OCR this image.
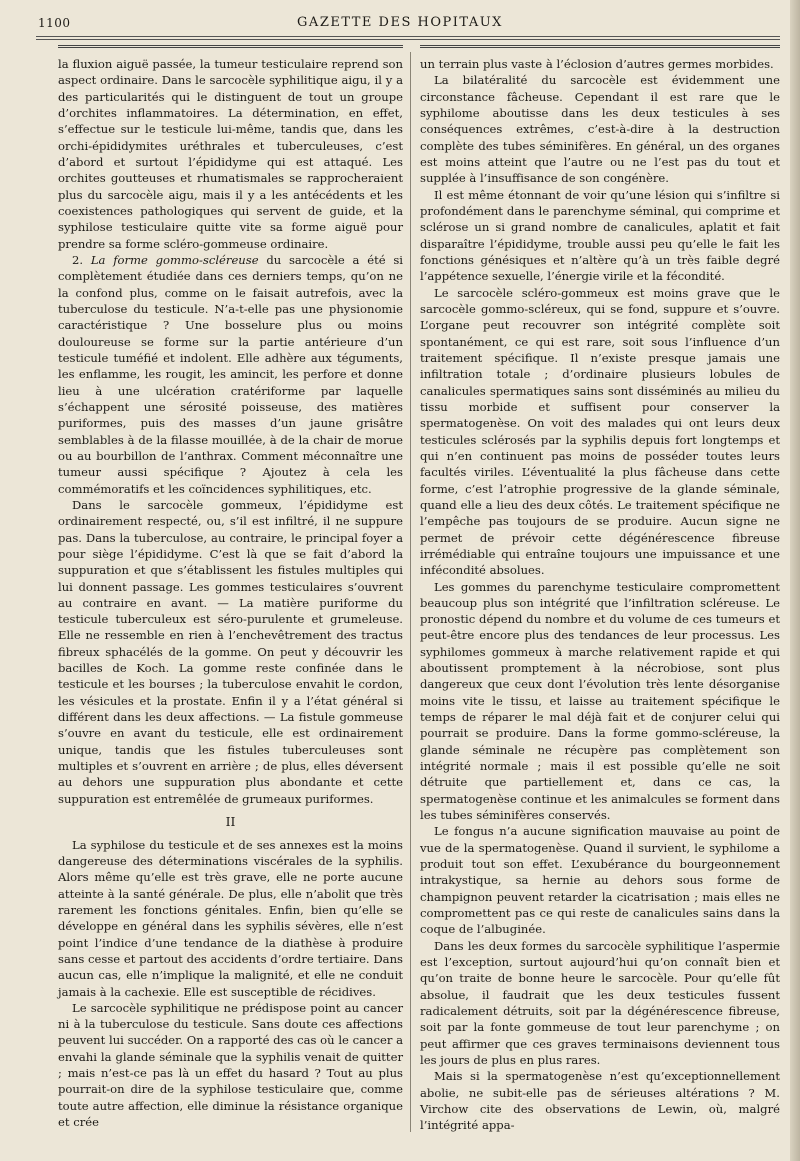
1100	GAZETTE DES HOPITAUX

la fluxion aiguë passée, la tumeur testiculaire reprend son aspect ordinaire. Dans le sarcocèle syphilitique aigu, il y a des particularités qui le distinguent de tout un groupe d’orchites inflammatoires. La détermination, en effet, s’effectue sur le testicule lui-même, tandis que, dans les orchi-épididymites uréthrales et tuberculeuses, c’est d’abord et surtout l’épididyme qui est attaqué. Les orchites goutteuses et rhumatismales se rapprocheraient plus du sarcocèle aigu, mais il y a les antécédents et les coexistences pathologiques qui servent de guide, et la syphilose testiculaire quitte vite sa forme aiguë pour prendre sa forme scléro-gommeuse ordinaire.

2. La forme gommo-scléreuse du sarcocèle a été si complètement étudiée dans ces derniers temps, qu’on ne la confond plus, comme on le faisait autrefois, avec la tuberculose du testicule. N’a-t-elle pas une physionomie caractéristique ? Une bosselure plus ou moins douloureuse se forme sur la partie antérieure d’un testicule tuméfié et indolent. Elle adhère aux téguments, les enflamme, les rougit, les amincit, les perfore et donne lieu à une ulcération cratériforme par laquelle s’échappent une sérosité poisseuse, des matières puriformes, puis des masses d’un jaune grisâtre semblables à de la filasse mouillée, à de la chair de morue ou au bourbillon de l’anthrax. Comment méconnaître une tumeur aussi spécifique ? Ajoutez à cela les commémoratifs et les coïncidences syphilitiques, etc.

Dans le sarcocèle gommeux, l’épididyme est ordinairement respecté, ou, s’il est infiltré, il ne suppure pas. Dans la tuberculose, au contraire, le principal foyer a pour siège l’épididyme. C’est là que se fait d’abord la suppuration et que s’établissent les fistules multiples qui lui donnent passage. Les gommes testiculaires s’ouvrent au contraire en avant. — La matière puriforme du testicule tuberculeux est séro-purulente et grumeleuse. Elle ne ressemble en rien à l’enchevêtrement des tractus fibreux sphacélés de la gomme. On peut y découvrir les bacilles de Koch. La gomme reste confinée dans le testicule et les bourses ; la tuberculose envahit le cordon, les vésicules et la prostate. Enfin il y a l’état général si différent dans les deux affections. — La fistule gommeuse s’ouvre en avant du testicule, elle est ordinairement unique, tandis que les fistules tuberculeuses sont multiples et s’ouvrent en arrière ; de plus, elles déversent au dehors une suppuration plus abondante et cette suppuration est entremêlée de grumeaux puriformes.

II

La syphilose du testicule et de ses annexes est la moins dangereuse des déterminations viscérales de la syphilis. Alors même qu’elle est très grave, elle ne porte aucune atteinte à la santé générale. De plus, elle n’abolit que très rarement les fonctions génitales. Enfin, bien qu’elle se développe en général dans les syphilis sévères, elle n’est point l’indice d’une tendance de la diathèse à produire sans cesse et partout des accidents d’ordre tertiaire. Dans aucun cas, elle n’implique la malignité, et elle ne conduit jamais à la cachexie. Elle est susceptible de récidives.

Le sarcocèle syphilitique ne prédispose point au cancer ni à la tuberculose du testicule. Sans doute ces affections peuvent lui succéder. On a rapporté des cas où le cancer a envahi la glande séminale que la syphilis venait de quitter ; mais n’est-ce pas là un effet du hasard ? Tout au plus pourrait-on dire de la syphilose testiculaire que, comme toute autre affection, elle diminue la résistance organique et crée

un terrain plus vaste à l’éclosion d’autres germes morbides.

La bilatéralité du sarcocèle est évidemment une circonstance fâcheuse. Cependant il est rare que le syphilome aboutisse dans les deux testicules à ses conséquences extrêmes, c’est-à-dire à la destruction complète des tubes séminifères. En général, un des organes est moins atteint que l’autre ou ne l’est pas du tout et supplée à l’insuffisance de son congénère.

Il est même étonnant de voir qu’une lésion qui s’infiltre si profondément dans le parenchyme séminal, qui comprime et sclérose un si grand nombre de canalicules, aplatit et fait disparaître l’épididyme, trouble aussi peu qu’elle le fait les fonctions génésiques et n’altère qu’à un très faible degré l’appétence sexuelle, l’énergie virile et la fécondité.

Le sarcocèle scléro-gommeux est moins grave que le sarcocèle gommo-scléreux, qui se fond, suppure et s’ouvre. L’organe peut recouvrer son intégrité complète soit spontanément, ce qui est rare, soit sous l’influence d’un traitement spécifique. Il n’existe presque jamais une infiltration totale ; d’ordinaire plusieurs lobules de canalicules spermatiques sains sont disséminés au milieu du tissu morbide et suffisent pour conserver la spermatogenèse. On voit des malades qui ont leurs deux testicules sclérosés par la syphilis depuis fort longtemps et qui n’en continuent pas moins de posséder toutes leurs facultés viriles. L’éventualité la plus fâcheuse dans cette forme, c’est l’atrophie progressive de la glande séminale, quand elle a lieu des deux côtés. Le traitement spécifique ne l’empêche pas toujours de se produire. Aucun signe ne permet de prévoir cette dégénérescence fibreuse irrémédiable qui entraîne toujours une impuissance et une infécondité absolues.

Les gommes du parenchyme testiculaire compromettent beaucoup plus son intégrité que l’infiltration scléreuse. Le pronostic dépend du nombre et du volume de ces tumeurs et peut-être encore plus des tendances de leur processus. Les syphilomes gommeux à marche relativement rapide et qui aboutissent promptement à la nécrobiose, sont plus dangereux que ceux dont l’évolution très lente désorganise moins vite le tissu, et laisse au traitement spécifique le temps de réparer le mal déjà fait et de conjurer celui qui pourrait se produire. Dans la forme gommo-scléreuse, la glande séminale ne récupère pas complètement son intégrité normale ; mais il est possible qu’elle ne soit détruite que partiellement et, dans ce cas, la spermatogenèse continue et les animalcules se forment dans les tubes séminifères conservés.

Le fongus n’a aucune signification mauvaise au point de vue de la spermatogenèse. Quand il survient, le syphilome a produit tout son effet. L’exubérance du bourgeonnement intrakystique, sa hernie au dehors sous forme de champignon peuvent retarder la cicatrisation ; mais elles ne compromettent pas ce qui reste de canalicules sains dans la coque de l’albuginée.

Dans les deux formes du sarcocèle syphilitique l’aspermie est l’exception, surtout aujourd’hui qu’on connaît bien et qu’on traite de bonne heure le sarcocèle. Pour qu’elle fût absolue, il faudrait que les deux testicules fussent radicalement détruits, soit par la dégénérescence fibreuse, soit par la fonte gommeuse de tout leur parenchyme ; on peut affirmer que ces graves terminaisons deviennent tous les jours de plus en plus rares.

Mais si la spermatogenèse n’est qu’exceptionnellement abolie, ne subit-elle pas de sérieuses altérations ? M. Virchow cite des observations de Lewin, où, malgré l’intégrité appa-
